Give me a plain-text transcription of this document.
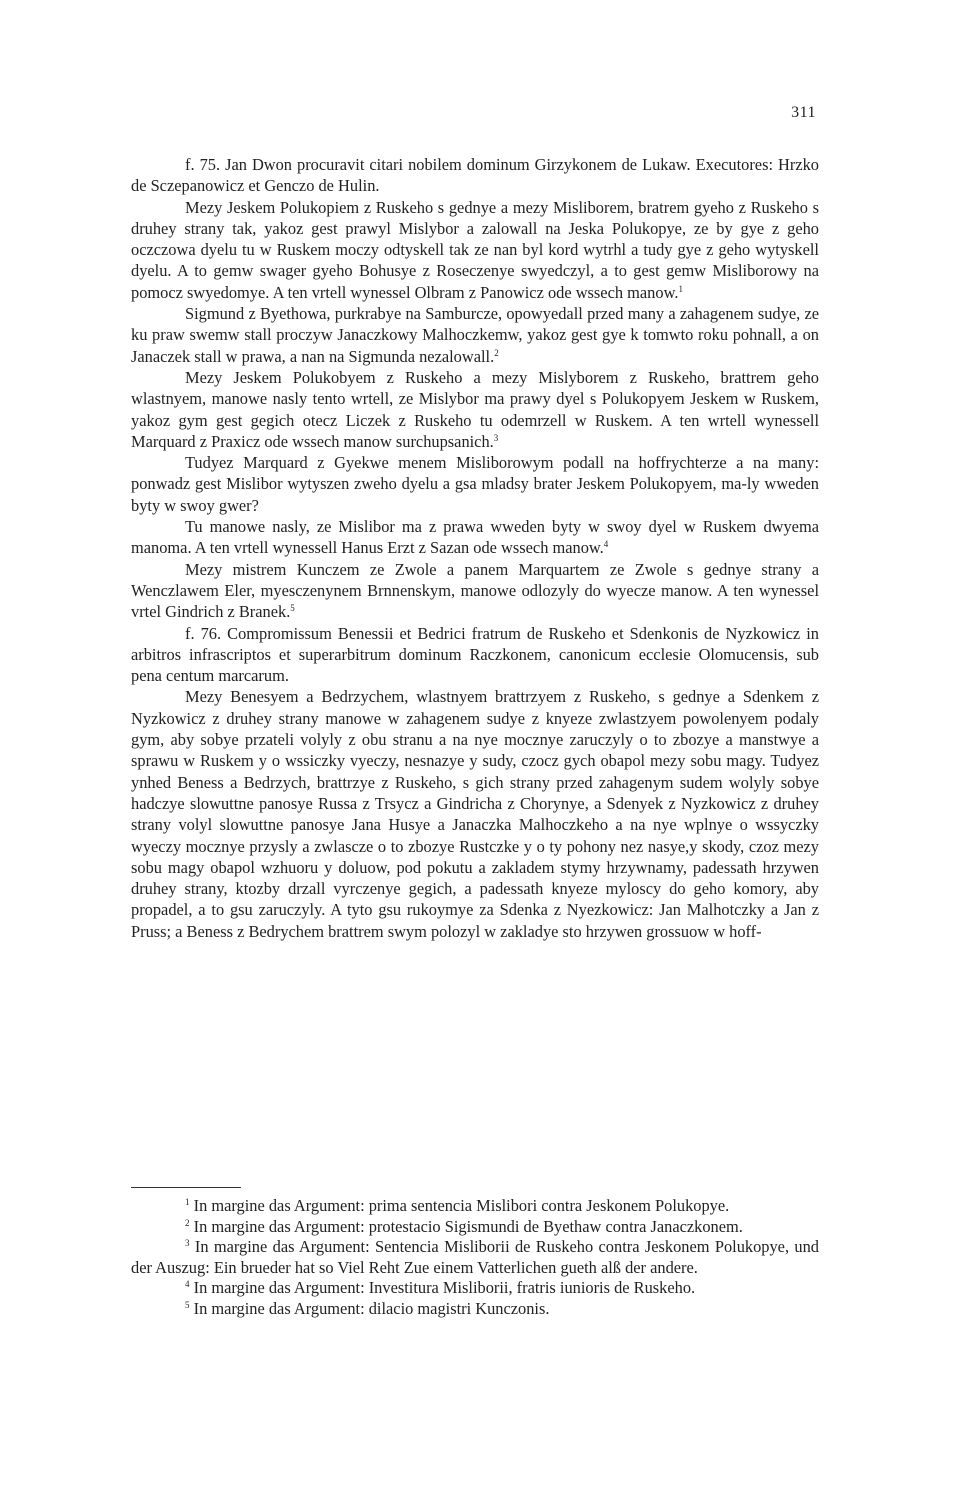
311

f. 75. Jan Dwon procuravit citari nobilem dominum Girzykonem de Lukaw. Executores: Hrzko de Sczepanowicz et Genczo de Hulin.

Mezy Jeskem Polukopiem z Ruskeho s gednye a mezy Misliborem, bratrem gyeho z Ruskeho s druhey strany tak, yakoz gest prawyl Mislybor a zalowall na Jeska Polukopye, ze by gye z geho oczczowa dyelu tu w Ruskem moczy odtyskell tak ze nan byl kord wytrhl a tudy gye z geho wytyskell dyelu. A to gemw swager gyeho Bohusye z Roseczenye swyedczyl, a to gest gemw Misliborowy na pomocz swyedomye. A ten vrtell wynessel Olbram z Panowicz ode wssech manow.$^1$

Sigmund z Byethowa, purkrabye na Samburcze, opowyedall przed many a zahagenem sudye, ze ku praw swemw stall proczyw Janaczkowy Malhoczkemw, yakoz gest gye k tomwto roku pohnall, a on Janaczek stall w prawa, a nan na Sigmunda nezalowall.$^2$

Mezy Jeskem Polukobyem z Ruskeho a mezy Mislyborem z Ruskeho, brattrem geho wlastnyem, manowe nasly tento wrtell, ze Mislybor ma prawy dyel s Polukopyem Jeskem w Ruskem, yakoz gym gest gegich otecz Liczek z Ruskeho tu odemrzell w Ruskem. A ten wrtell wynessell Marquard z Praxicz ode wssech manow surchupsanich.$^3$

Tudyez Marquard z Gyekwe menem Misliborowym podall na hoffrychterze a na many: ponwadz gest Mislibor wytyszen zweho dyelu a gsa mladsy brater Jeskem Polukopyem, ma-ly wweden byty w swoy gwer?

Tu manowe nasly, ze Mislibor ma z prawa wweden byty w swoy dyel w Ruskem dwyema manoma. A ten vrtell wynessell Hanus Erzt z Sazan ode wssech manow.$^4$

Mezy mistrem Kunczem ze Zwole a panem Marquartem ze Zwole s gednye strany a Wenczlawem Eler, myesczenynem Brnnenskym, manowe odlozyly do wyecze manow. A ten wynessel vrtel Gindrich z Branek.$^5$

f. 76. Compromissum Benessii et Bedrici fratrum de Ruskeho et Sdenkonis de Nyzkowicz in arbitros infrascriptos et superarbitrum dominum Raczkonem, canonicum ecclesie Olomucensis, sub pena centum marcarum.

Mezy Benesyem a Bedrzychem, wlastnyem brattrzyem z Ruskeho, s gednye a Sdenkem z Nyzkowicz z druhey strany manowe w zahagenem sudye z knyeze zwlastzyem powolenyem podaly gym, aby sobye przateli volyly z obu stranu a na nye mocznye zaruczyly o to zbozye a manstwye a sprawu w Ruskem y o wssiczky vyeczy, nesnazye y sudy, czocz gych obapol mezy sobu magy. Tudyez ynhed Beness a Bedrzych, brattrzye z Ruskeho, s gich strany przed zahagenym sudem wolyly sobye hadczye slowuttne panosye Russa z Trsycz a Gindricha z Chorynye, a Sdenyek z Nyzkowicz z druhey strany volyl slowuttne panosye Jana Husye a Janaczka Malhoczkeho a na nye wplnye o wssyczky wyeczy mocznye przysly a zwlascze o to zbozye Rustczke y o ty pohony nez nasye,y skody, czoz mezy sobu magy obapol wzhuoru y doluow, pod pokutu a zakladem stymy hrzywnamy, padessath hrzywen druhey strany, ktozby drzall vyrczenye gegich, a padessath knyeze myloscy do geho komory, aby propadel, a to gsu zaruczyly. A tyto gsu rukoymye za Sdenka z Nyezkowicz: Jan Malhotczky a Jan z Pruss; a Beness z Bedrychem brattrem swym polozyl w zakladye sto hrzywen grossuow w hoff-

$^1$ In margine das Argument: prima sentencia Mislibori contra Jeskonem Polukopye.

$^2$ In margine das Argument: protestacio Sigismundi de Byethaw contra Janaczkonem.

$^3$ In margine das Argument: Sentencia Misliborii de Ruskeho contra Jeskonem Polukopye, und der Auszug: Ein brueder hat so Viel Reht Zue einem Vatterlichen gueth alß der andere.

$^4$ In margine das Argument: Investitura Misliborii, fratris iunioris de Ruskeho.

$^5$ In margine das Argument: dilacio magistri Kunczonis.
